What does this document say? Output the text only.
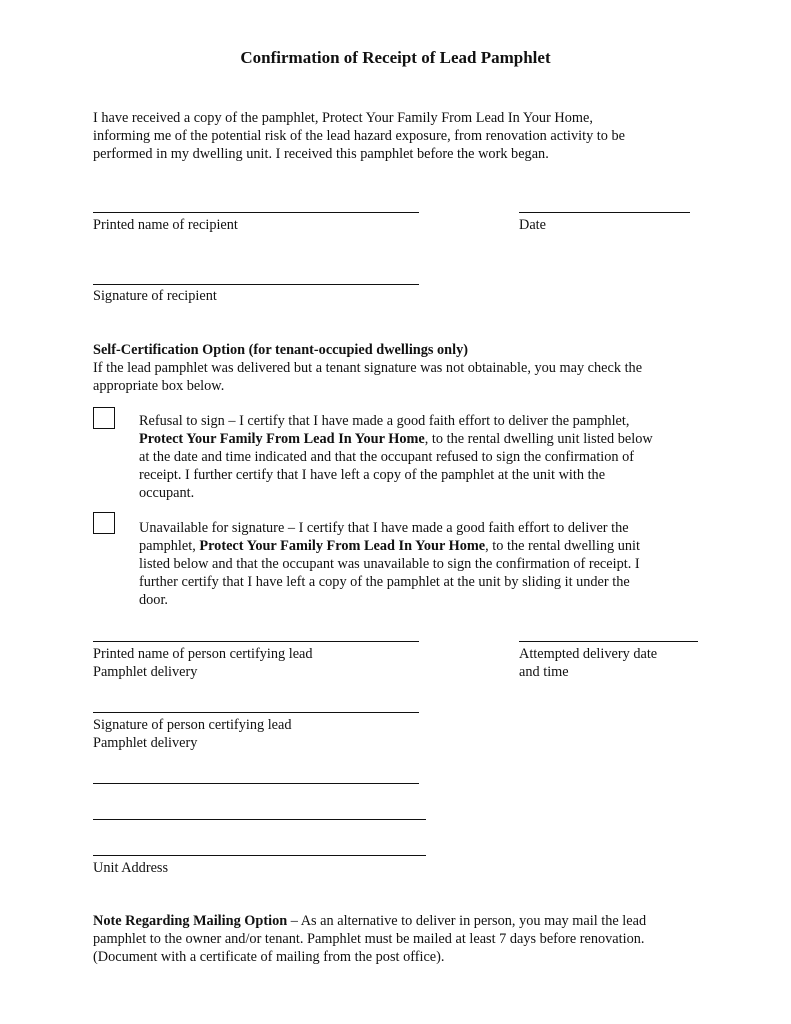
Confirmation of Receipt of Lead Pamphlet
I have received a copy of the pamphlet, Protect Your Family From Lead In Your Home,
informing me of the potential risk of the lead hazard exposure, from renovation activity to be
performed in my dwelling unit. I received this pamphlet before the work began.
Printed name of recipient	Date
Signature of recipient
Self-Certification Option (for tenant-occupied dwellings only)
If the lead pamphlet was delivered but a tenant signature was not obtainable, you may check the
appropriate box below.
Refusal to sign – I certify that I have made a good faith effort to deliver the pamphlet,
Protect Your Family From Lead In Your Home, to the rental dwelling unit listed below
at the date and time indicated and that the occupant refused to sign the confirmation of
receipt. I further certify that I have left a copy of the pamphlet at the unit with the
occupant.
Unavailable for signature – I certify that I have made a good faith effort to deliver the
pamphlet, Protect Your Family From Lead In Your Home, to the rental dwelling unit
listed below and that the occupant was unavailable to sign the confirmation of receipt. I
further certify that I have left a copy of the pamphlet at the unit by sliding it under the
door.
Printed name of person certifying lead
Pamphlet delivery
Attempted delivery date
and time
Signature of person certifying lead
Pamphlet delivery
Unit Address
Note Regarding Mailing Option – As an alternative to deliver in person, you may mail the lead
pamphlet to the owner and/or tenant. Pamphlet must be mailed at least 7 days before renovation.
(Document with a certificate of mailing from the post office).
